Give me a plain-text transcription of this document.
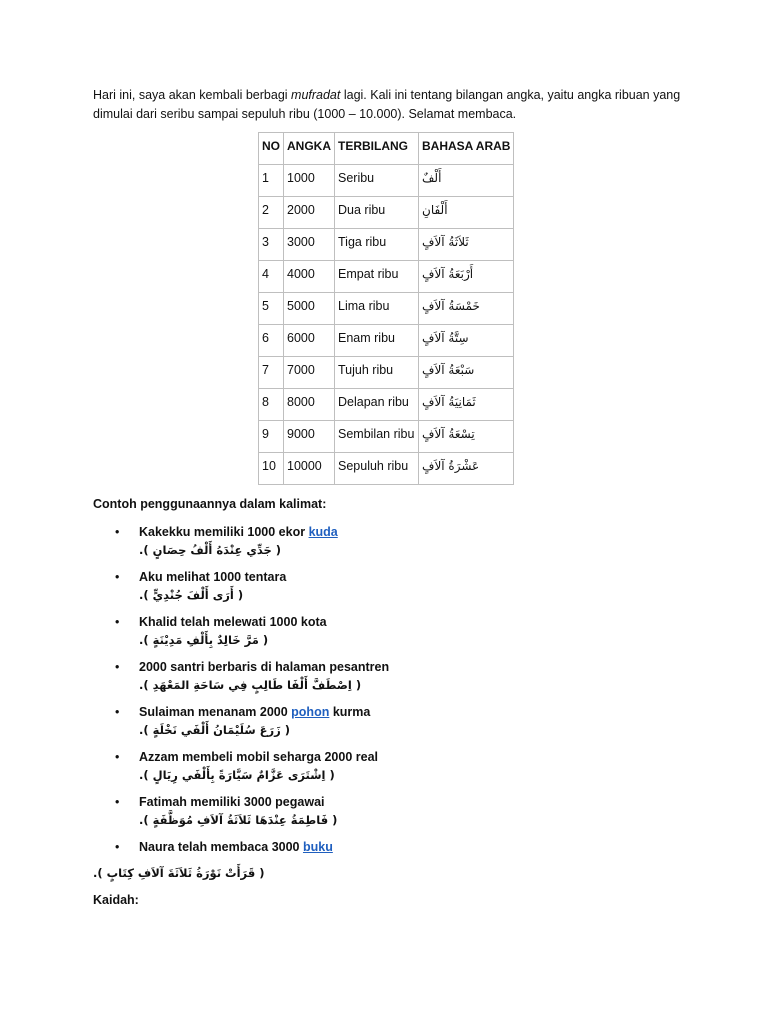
Hari ini, saya akan kembali berbagi mufradat lagi. Kali ini tentang bilangan angka, yaitu angka ribuan yang dimulai dari seribu sampai sepuluh ribu (1000 – 10.000). Selamat membaca.

NO	ANGKA	TERBILANG	BAHASA ARAB
1	1000	Seribu	أَلْفٌ
2	2000	Dua ribu	أَلْفَانِ
3	3000	Tiga ribu	ثَلاَثَةُ آلاَفٍ
4	4000	Empat ribu	أَرْبَعَةُ آلاَفٍ
5	5000	Lima ribu	خَمْسَةُ آلاَفٍ
6	6000	Enam ribu	سِتَّةُ آلاَفٍ
7	7000	Tujuh ribu	سَبْعَةُ آلاَفٍ
8	8000	Delapan ribu	ثَمَانِيَةُ آلاَفٍ
9	9000	Sembilan ribu	تِسْعَةُ آلاَفٍ
10	10000	Sepuluh ribu	عَشْرَةُ آلاَفٍ

Contoh penggunaannya dalam kalimat:

• Kakekku memiliki 1000 ekor kuda
( جَدِّي عِنْدَهُ أَلْفُ حِصَانٍ ).
• Aku melihat 1000 tentara
( أَرَى أَلْفَ جُنْدِيٍّ ).
• Khalid telah melewati 1000 kota
( مَرَّ خَالِدٌ بِأَلْفِ مَدِيْنَةٍ ).
• 2000 santri berbaris di halaman pesantren
( اِصْطَفَّ أَلْفَا طَالِبٍ فِي سَاحَةِ المَعْهَدِ ).
• Sulaiman menanam 2000 pohon kurma
( زَرَعَ سُلَيْمَانُ أَلْفَي نَخْلَةٍ ).
• Azzam membeli mobil seharga 2000 real
( اِشْتَرَى عَزَّامٌ سَيَّارَةً بِأَلْفَي رِيَالٍ ).
• Fatimah memiliki 3000 pegawai
( فَاطِمَةُ عِنْدَهَا ثَلاَثَةُ آلاَفِ مُوَظَّفَةٍ ).
• Naura telah membaca 3000 buku

( قَرَأَتْ نَوْرَةُ ثَلاَثَةَ آلاَفِ كِتَابٍ ).

Kaidah:
